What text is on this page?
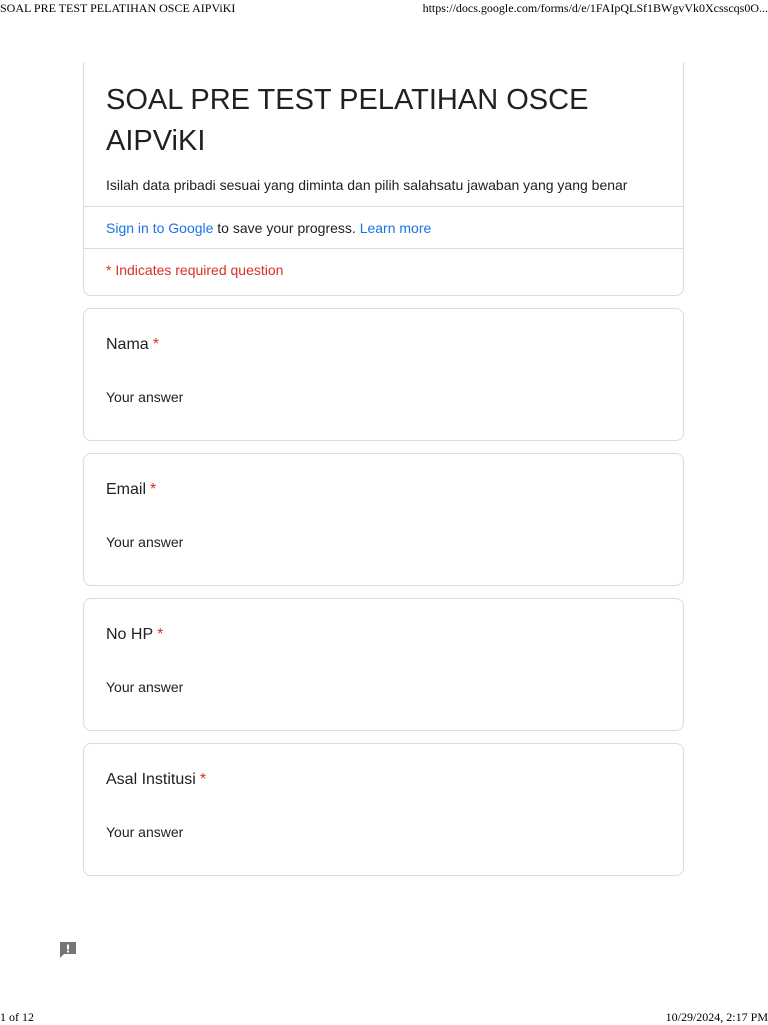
SOAL PRE TEST PELATIHAN OSCE AIPViKI	https://docs.google.com/forms/d/e/1FAIpQLSf1BWgvVk0Xcsscqs0O...
SOAL PRE TEST PELATIHAN OSCE AIPViKI
Isilah data pribadi sesuai yang diminta dan pilih salahsatu jawaban yang yang benar
Sign in to Google to save your progress. Learn more
* Indicates required question
Nama *
Your answer
Email *
Your answer
No HP *
Your answer
Asal Institusi *
Your answer
1 of 12	10/29/2024, 2:17 PM
